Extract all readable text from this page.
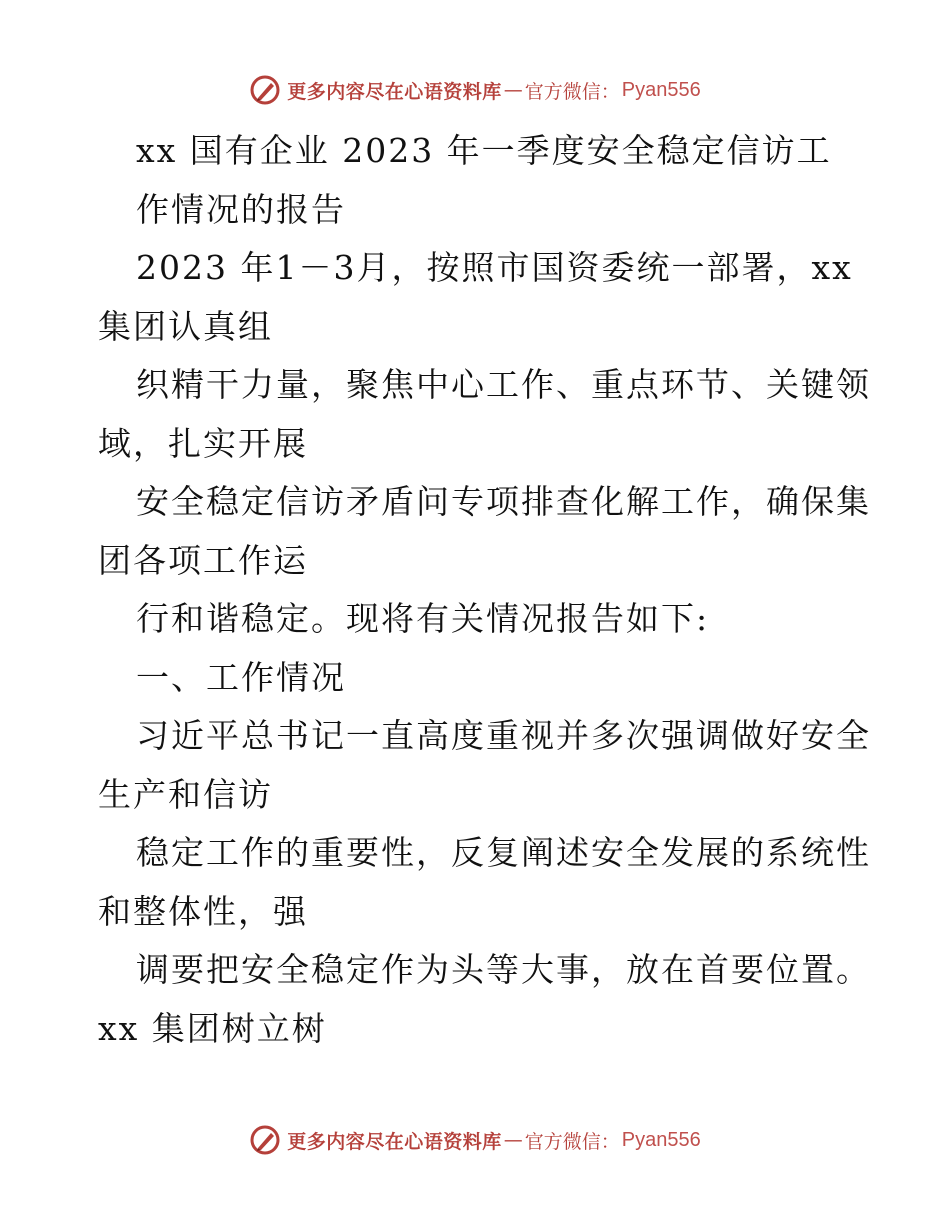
更多内容尽在心语资料库 — 官方微信： Pyan556
xx 国有企业 2023 年一季度安全稳定信访工
作情况的报告
2023 年1－3月，按照市国资委统一部署，xx
集团认真组
织精干力量，聚焦中心工作、重点环节、关键领
域，扎实开展
安全稳定信访矛盾问专项排查化解工作，确保集
团各项工作运
行和谐稳定。现将有关情况报告如下:
一、工作情况
习近平总书记一直高度重视并多次强调做好安全
生产和信访
稳定工作的重要性，反复阐述安全发展的系统性
和整体性，强
调要把安全稳定作为头等大事，放在首要位置。
xx 集团树立树
更多内容尽在心语资料库 — 官方微信： Pyan556
